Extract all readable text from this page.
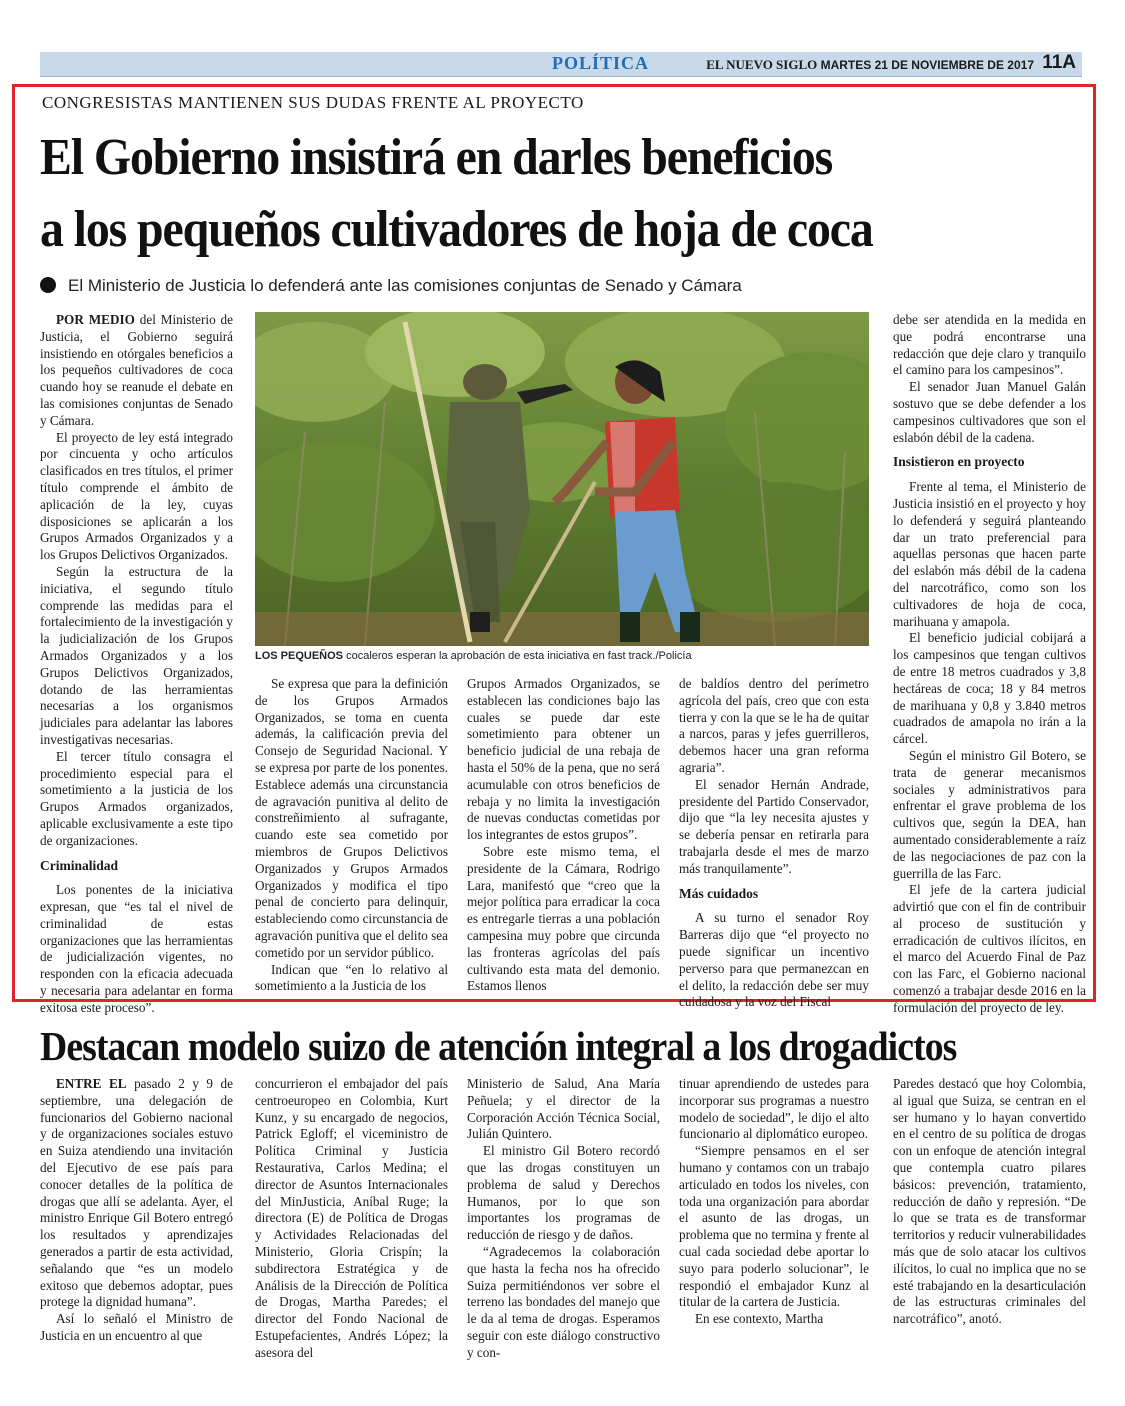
POLÍTICA	EL NUEVO SIGLO MARTES 21 DE NOVIEMBRE DE 2017 11A
CONGRESISTAS MANTIENEN SUS DUDAS FRENTE AL PROYECTO
El Gobierno insistirá en darles beneficios
a los pequeños cultivadores de hoja de coca
El Ministerio de Justicia lo defenderá ante las comisiones conjuntas de Senado y Cámara

POR MEDIO del Ministerio de Justicia, el Gobierno seguirá insistiendo en otórgales beneficios a los pequeños cultivadores de coca cuando hoy se reanude el debate en las comisiones conjuntas de Senado y Cámara.

El proyecto de ley está integrado por cincuenta y ocho artículos clasificados en tres títulos, el primer título comprende el ámbito de aplicación de la ley, cuyas disposiciones se aplicarán a los Grupos Armados Organizados y a los Grupos Delictivos Organizados.

Según la estructura de la iniciativa, el segundo título comprende las medidas para el fortalecimiento de la investigación y la judicialización de los Grupos Armados Organizados y a los Grupos Delictivos Organizados, dotando de las herramientas necesarias a los organismos judiciales para adelantar las labores investigativas necesarias.

El tercer título consagra el procedimiento especial para el sometimiento a la justicia de los Grupos Armados organizados, aplicable exclusivamente a este tipo de organizaciones.

Criminalidad

Los ponentes de la iniciativa expresan, que “es tal el nivel de criminalidad de estas organizaciones que las herramientas de judicialización vigentes, no responden con la eficacia adecuada y necesaria para adelantar en forma exitosa este proceso”.

LOS PEQUEÑOS cocaleros esperan la aprobación de esta iniciativa en fast track./Policía

Se expresa que para la definición de los Grupos Armados Organizados, se toma en cuenta además, la calificación previa del Consejo de Seguridad Nacional. Y se expresa por parte de los ponentes. Establece además una circunstancia de agravación punitiva al delito de constreñimiento al sufragante, cuando este sea cometido por miembros de Grupos Delictivos Organizados y Grupos Armados Organizados y modifica el tipo penal de concierto para delinquir, estableciendo como circunstancia de agravación punitiva que el delito sea cometido por un servidor público.

Indican que “en lo relativo al sometimiento a la Justicia de los

Grupos Armados Organizados, se establecen las condiciones bajo las cuales se puede dar este sometimiento para obtener un beneficio judicial de una rebaja de hasta el 50% de la pena, que no será acumulable con otros beneficios de rebaja y no limita la investigación de nuevas conductas cometidas por los integrantes de estos grupos”.

Sobre este mismo tema, el presidente de la Cámara, Rodrigo Lara, manifestó que “creo que la mejor política para erradicar la coca es entregarle tierras a una población campesina muy pobre que circunda las fronteras agrícolas del país cultivando esta mata del demonio. Estamos llenos

de baldíos dentro del perímetro agrícola del país, creo que con esta tierra y con la que se le ha de quitar a narcos, paras y jefes guerrilleros, debemos hacer una gran reforma agraria”.

El senador Hernán Andrade, presidente del Partido Conservador, dijo que “la ley necesita ajustes y se debería pensar en retirarla para trabajarla desde el mes de marzo más tranquilamente”.

Más cuidados

A su turno el senador Roy Barreras dijo que “el proyecto no puede significar un incentivo perverso para que permanezcan en el delito, la redacción debe ser muy cuidadosa y la voz del Fiscal

debe ser atendida en la medida en que podrá encontrarse una redacción que deje claro y tranquilo el camino para los campesinos”.

El senador Juan Manuel Galán sostuvo que se debe defender a los campesinos cultivadores que son el eslabón débil de la cadena.

Insistieron en proyecto

Frente al tema, el Ministerio de Justicia insistió en el proyecto y hoy lo defenderá y seguirá planteando dar un trato preferencial para aquellas personas que hacen parte del eslabón más débil de la cadena del narcotráfico, como son los cultivadores de hoja de coca, marihuana y amapola.

El beneficio judicial cobijará a los campesinos que tengan cultivos de entre 18 metros cuadrados y 3,8 hectáreas de coca; 18 y 84 metros de marihuana y 0,8 y 3.840 metros cuadrados de amapola no irán a la cárcel.

Según el ministro Gil Botero, se trata de generar mecanismos sociales y administrativos para enfrentar el grave problema de los cultivos que, según la DEA, han aumentado considerablemente a raíz de las negociaciones de paz con la guerrilla de las Farc.

El jefe de la cartera judicial advirtió que con el fin de contribuir al proceso de sustitución y erradicación de cultivos ilícitos, en el marco del Acuerdo Final de Paz con las Farc, el Gobierno nacional comenzó a trabajar desde 2016 en la formulación del proyecto de ley.

Destacan modelo suizo de atención integral a los drogadictos

ENTRE EL pasado 2 y 9 de septiembre, una delegación de funcionarios del Gobierno nacional y de organizaciones sociales estuvo en Suiza atendiendo una invitación del Ejecutivo de ese país para conocer detalles de la política de drogas que allí se adelanta. Ayer, el ministro Enrique Gil Botero entregó los resultados y aprendizajes generados a partir de esta actividad, señalando que “es un modelo exitoso que debemos adoptar, pues protege la dignidad humana”.

Así lo señaló el Ministro de Justicia en un encuentro al que

concurrieron el embajador del país centroeuropeo en Colombia, Kurt Kunz, y su encargado de negocios, Patrick Egloff; el viceministro de Política Criminal y Justicia Restaurativa, Carlos Medina; el director de Asuntos Internacionales del MinJusticia, Aníbal Ruge; la directora (E) de Política de Drogas y Actividades Relacionadas del Ministerio, Gloria Crispín; la subdirectora Estratégica y de Análisis de la Dirección de Política de Drogas, Martha Paredes; el director del Fondo Nacional de Estupefacientes, Andrés López; la asesora del

Ministerio de Salud, Ana María Peñuela; y el director de la Corporación Acción Técnica Social, Julián Quintero.

El ministro Gil Botero recordó que las drogas constituyen un problema de salud y Derechos Humanos, por lo que son importantes los programas de reducción de riesgo y de daños.

“Agradecemos la colaboración que hasta la fecha nos ha ofrecido Suiza permitiéndonos ver sobre el terreno las bondades del manejo que le da al tema de drogas. Esperamos seguir con este diálogo constructivo y con-

tinuar aprendiendo de ustedes para incorporar sus programas a nuestro modelo de sociedad”, le dijo el alto funcionario al diplomático europeo.

“Siempre pensamos en el ser humano y contamos con un trabajo articulado en todos los niveles, con toda una organización para abordar el asunto de las drogas, un problema que no termina y frente al cual cada sociedad debe aportar lo suyo para poderlo solucionar”, le respondió el embajador Kunz al titular de la cartera de Justicia.

En ese contexto, Martha

Paredes destacó que hoy Colombia, al igual que Suiza, se centran en el ser humano y lo hayan convertido en el centro de su política de drogas con un enfoque de atención integral que contempla cuatro pilares básicos: prevención, tratamiento, reducción de daño y represión. “De lo que se trata es de transformar territorios y reducir vulnerabilidades más que de solo atacar los cultivos ilícitos, lo cual no implica que no se esté trabajando en la desarticulación de las estructuras criminales del narcotráfico”, anotó.
